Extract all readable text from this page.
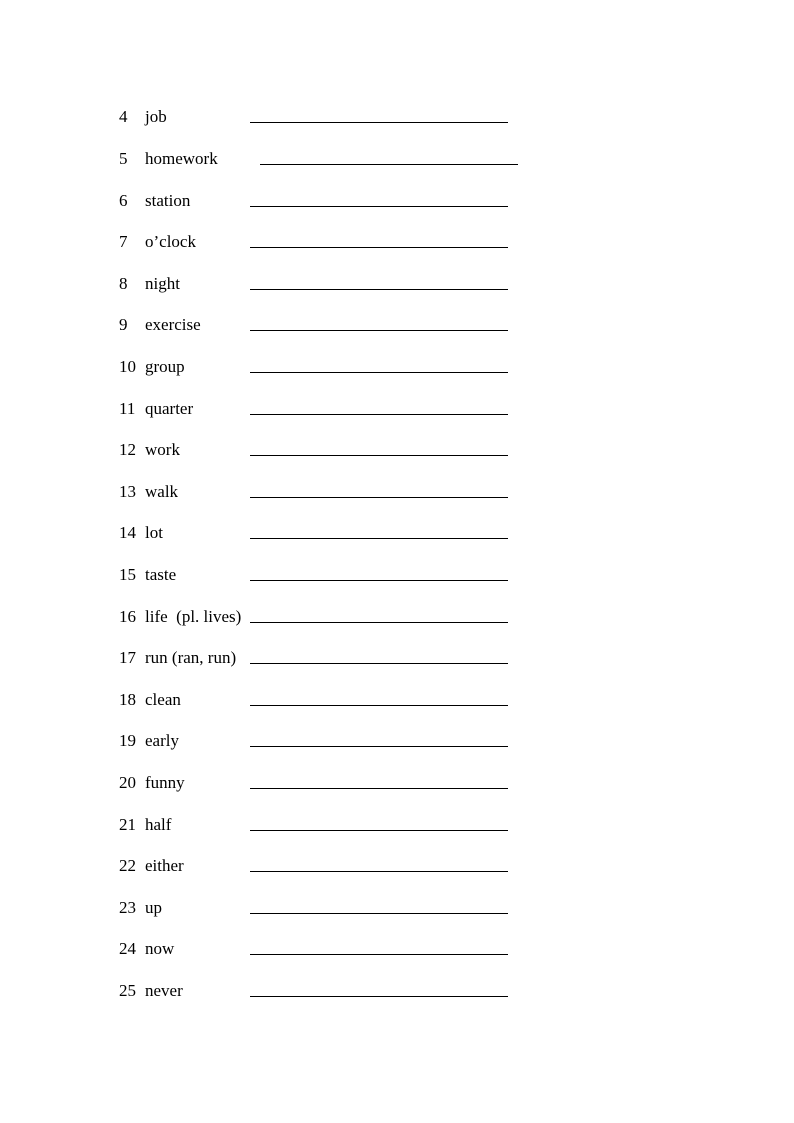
4 job
5 homework
6 station
7 o’clock
8 night
9 exercise
10 group
11 quarter
12 work
13 walk
14 lot
15 taste
16 life  (pl. lives)
17 run (ran, run)
18 clean
19 early
20 funny
21 half
22 either
23 up
24 now
25 never
